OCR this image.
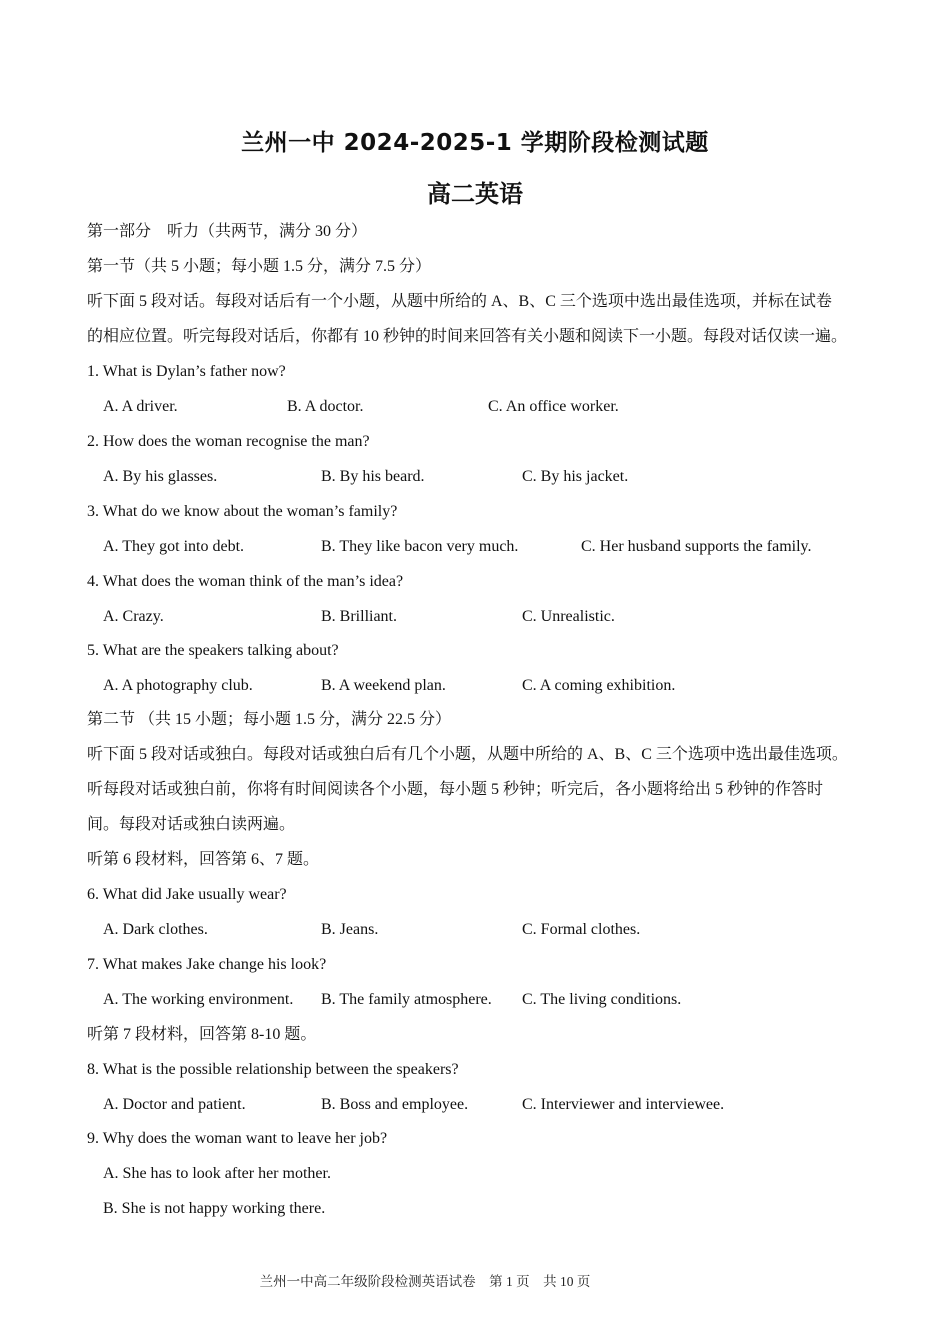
兰州一中 2024-2025-1 学期阶段检测试题
高二英语
第一部分　听力（共两节，满分 30 分）
第一节（共 5 小题；每小题 1.5 分，满分 7.5 分）
听下面 5 段对话。每段对话后有一个小题，从题中所给的 A、B、C 三个选项中选出最佳选项，并标在试卷
的相应位置。听完每段对话后，你都有 10 秒钟的时间来回答有关小题和阅读下一小题。每段对话仅读一遍。
1. What is Dylan’s father now?
A. A driver.	B. A doctor.	C. An office worker.
2. How does the woman recognise the man?
A. By his glasses.	B. By his beard.	C. By his jacket.
3. What do we know about the woman’s family?
A. They got into debt.	B. They like bacon very much.	C. Her husband supports the family.
4. What does the woman think of the man’s idea?
A. Crazy.	B. Brilliant.	C. Unrealistic.
5. What are the speakers talking about?
A. A photography club.	B. A weekend plan.	C. A coming exhibition.
第二节 （共 15 小题；每小题 1.5 分，满分 22.5 分）
听下面 5 段对话或独白。每段对话或独白后有几个小题，从题中所给的 A、B、C 三个选项中选出最佳选项。
听每段对话或独白前，你将有时间阅读各个小题，每小题 5 秒钟；听完后，各小题将给出 5 秒钟的作答时
间。每段对话或独白读两遍。
听第 6 段材料，回答第 6、7 题。
6. What did Jake usually wear?
A. Dark clothes.	B. Jeans.	C. Formal clothes.
7. What makes Jake change his look?
A. The working environment. B. The family atmosphere. C. The living conditions.
听第 7 段材料，回答第 8-10 题。
8. What is the possible relationship between the speakers?
A. Doctor and patient.	B. Boss and employee.	C. Interviewer and interviewee.
9. Why does the woman want to leave her job?
A. She has to look after her mother.
B. She is not happy working there.
兰州一中高二年级阶段检测英语试卷　第 1 页　共 10 页
